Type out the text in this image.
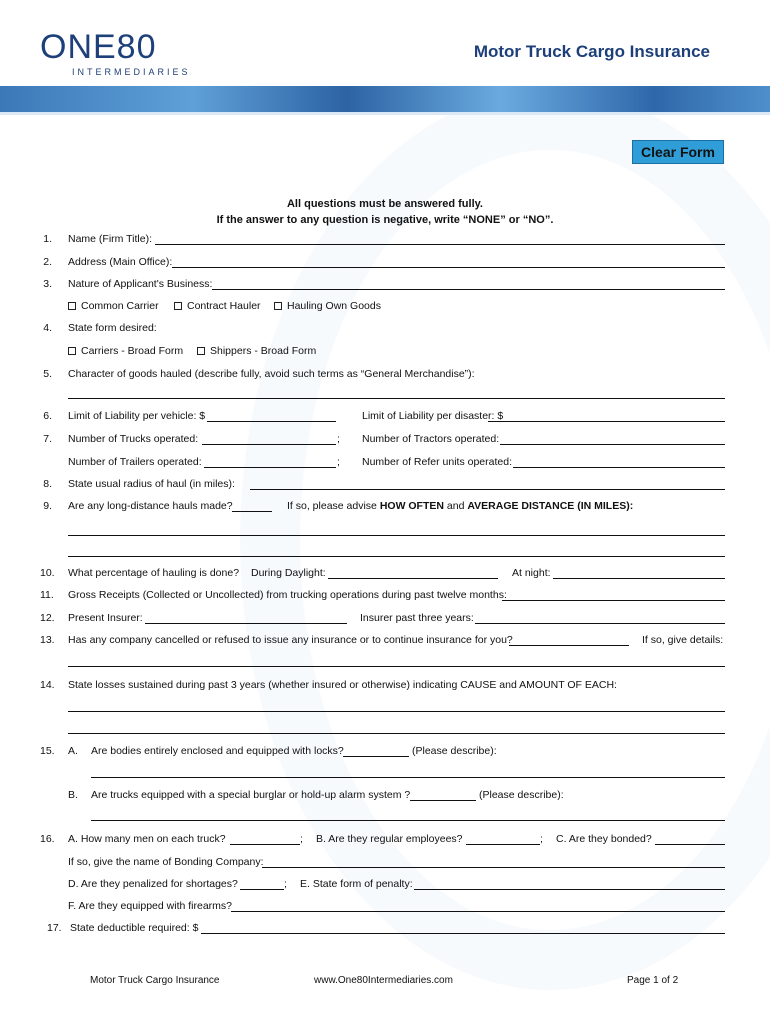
ONE80
INTERMEDIARIES
Motor Truck Cargo Insurance
Clear Form
All questions must be answered fully.
If the answer to any question is negative, write “NONE” or “NO”.
1. Name (Firm Title):
2. Address (Main Office):
3. Nature of Applicant's Business:
Common Carrier	Contract Hauler	Hauling Own Goods
4. State form desired:
Carriers - Broad Form	Shippers - Broad Form
5. Character of goods hauled (describe fully, avoid such terms as “General Merchandise”):
6. Limit of Liability per vehicle: $	Limit of Liability per disaster: $
7. Number of Trucks operated:	; Number of Tractors operated:
Number of Trailers operated:	; Number of Refer units operated:
8. State usual radius of haul (in miles):
9. Are any long-distance hauls made?	If so, please advise HOW OFTEN and AVERAGE DISTANCE (IN MILES):
10.	What percentage of hauling is done? During Daylight:	At night:
11.	Gross Receipts (Collected or Uncollected) from trucking operations during past twelve months:
12.	Present Insurer:	Insurer past three years:
13.	Has any company cancelled or refused to issue any insurance or to continue insurance for you?	If so, give details:
14.	State losses sustained during past 3 years (whether insured or otherwise) indicating CAUSE and AMOUNT OF EACH:
15.	A. Are bodies entirely enclosed and equipped with locks?	(Please describe):
B. Are trucks equipped with a special burglar or hold-up alarm system ?	(Please describe):
16.	A. How many men on each truck?	; B. Are they regular employees?	; C. Are they bonded?
If so, give the name of Bonding Company:
D. Are they penalized for shortages?	; E. State form of penalty:
F. Are they equipped with firearms?
17. State deductible required: $
Motor Truck Cargo Insurance	www.One80Intermediaries.com	Page 1 of 2
